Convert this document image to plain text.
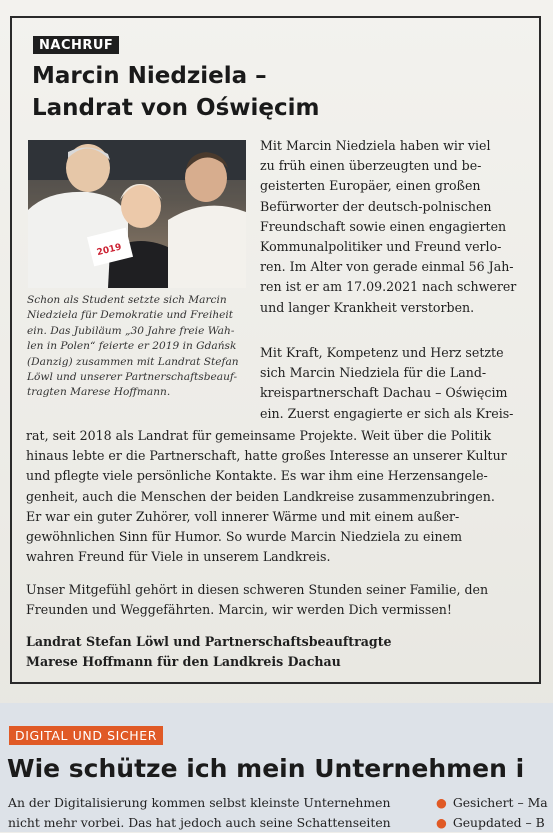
NACHRUF
Marcin Niedziela –
Landrat von Oświęcim
2019
Schon als Student setzte sich Marcin
Niedziela für Demokratie und Freiheit
ein. Das Jubiläum „30 Jahre freie Wah-
len in Polen“ feierte er 2019 in Gdańsk
(Danzig) zusammen mit Landrat Stefan
Löwl und unserer Partnerschaftsbeauf-
tragten Marese Hoffmann.
Mit Marcin Niedziela haben wir viel
zu früh einen überzeugten und be-
geisterten Europäer, einen großen
Befürworter der deutsch-polnischen
Freundschaft sowie einen engagierten
Kommunalpolitiker und Freund verlo-
ren. Im Alter von gerade einmal 56 Jah-
ren ist er am 17.09.2021 nach schwerer
und langer Krankheit verstorben.
Mit Kraft, Kompetenz und Herz setzte
sich Marcin Niedziela für die Land-
kreispartnerschaft Dachau – Oświęcim
ein. Zuerst engagierte er sich als Kreis-
rat, seit 2018 als Landrat für gemeinsame Projekte. Weit über die Politik
hinaus lebte er die Partnerschaft, hatte großes Interesse an unserer Kultur
und pflegte viele persönliche Kontakte. Es war ihm eine Herzensangele-
genheit, auch die Menschen der beiden Landkreise zusammenzubringen.
Er war ein guter Zuhörer, voll innerer Wärme und mit einem außer-
gewöhnlichen Sinn für Humor. So wurde Marcin Niedziela zu einem
wahren Freund für Viele in unserem Landkreis.
Unser Mitgefühl gehört in diesen schweren Stunden seiner Familie, den
Freunden und Weggefährten. Marcin, wir werden Dich vermissen!
Landrat Stefan Löwl und Partnerschaftsbeauftragte
Marese Hoffmann für den Landkreis Dachau
DIGITAL UND SICHER
Wie schütze ich mein Unternehmen i
An der Digitalisierung kommen selbst kleinste Unternehmen
nicht mehr vorbei. Das hat jedoch auch seine Schattenseiten
● Gesichert – Ma
● Geupdated – B
